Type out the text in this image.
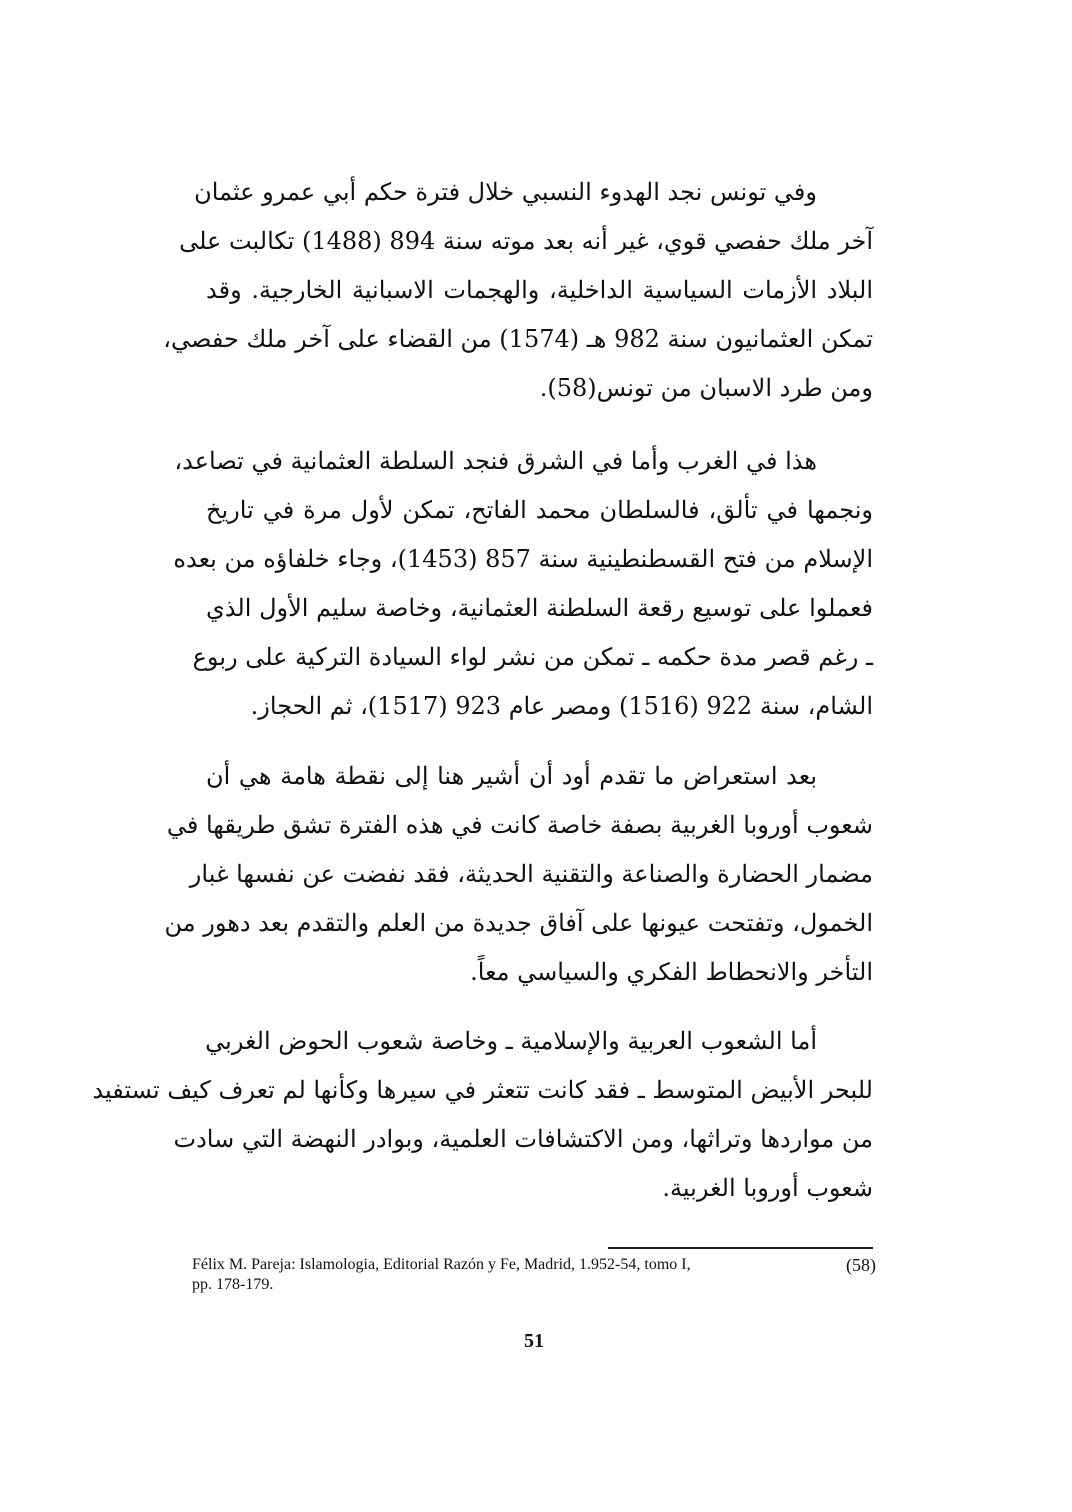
وفي تونس نجد الهدوء النسبي خلال فترة حكم أبي عمرو عثمان
آخر ملك حفصي قوي، غير أنه بعد موته سنة 894 (1488) تكالبت على
البلاد الأزمات السياسية الداخلية، والهجمات الاسبانية الخارجية. وقد
تمكن العثمانيون سنة 982 هـ (1574) من القضاء على آخر ملك حفصي،
ومن طرد الاسبان من تونس(58).
هذا في الغرب وأما في الشرق فنجد السلطة العثمانية في تصاعد،
ونجمها في تألق، فالسلطان محمد الفاتح، تمكن لأول مرة في تاريخ
الإسلام من فتح القسطنطينية سنة 857 (1453)، وجاء خلفاؤه من بعده
فعملوا على توسيع رقعة السلطنة العثمانية، وخاصة سليم الأول الذي
ـ رغم قصر مدة حكمه ـ تمكن من نشر لواء السيادة التركية على ربوع
الشام، سنة 922 (1516) ومصر عام 923 (1517)، ثم الحجاز.
بعد استعراض ما تقدم أود أن أشير هنا إلى نقطة هامة هي أن
شعوب أوروبا الغربية بصفة خاصة كانت في هذه الفترة تشق طريقها في
مضمار الحضارة والصناعة والتقنية الحديثة، فقد نفضت عن نفسها غبار
الخمول، وتفتحت عيونها على آفاق جديدة من العلم والتقدم بعد دهور من
التأخر والانحطاط الفكري والسياسي معاً.
أما الشعوب العربية والإسلامية ـ وخاصة شعوب الحوض الغربي
للبحر الأبيض المتوسط ـ فقد كانت تتعثر في سيرها وكأنها لم تعرف كيف تستفيد
من مواردها وتراثها، ومن الاكتشافات العلمية، وبوادر النهضة التي سادت
شعوب أوروبا الغربية.
Félix M. Pareja: Islamologia, Editorial Razón y Fe, Madrid, 1.952-54, tomo I,	(58)
pp. 178-179.
51
